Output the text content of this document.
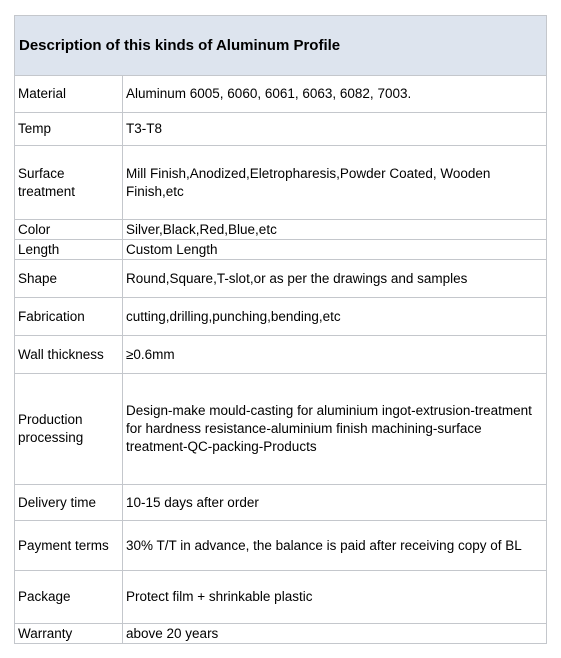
Description of this kinds of Aluminum Profile	
Material	Aluminum 6005, 6060, 6061, 6063, 6082, 7003.
Temp	T3-T8
Surface treatment	Mill Finish,Anodized,Eletropharesis,Powder Coated, Wooden Finish,etc
Color	Silver,Black,Red,Blue,etc
Length	Custom Length
Shape	Round,Square,T-slot,or as per the drawings and samples
Fabrication	cutting,drilling,punching,bending,etc
Wall thickness	≥0.6mm
Production processing	Design-make mould-casting for aluminium ingot-extrusion-treatment for hardness resistance-aluminium finish machining-surface treatment-QC-packing-Products
Delivery time	10-15 days after order
Payment terms	30% T/T in advance, the balance is paid after receiving copy of BL
Package	Protect film + shrinkable plastic
Warranty	above 20 years
